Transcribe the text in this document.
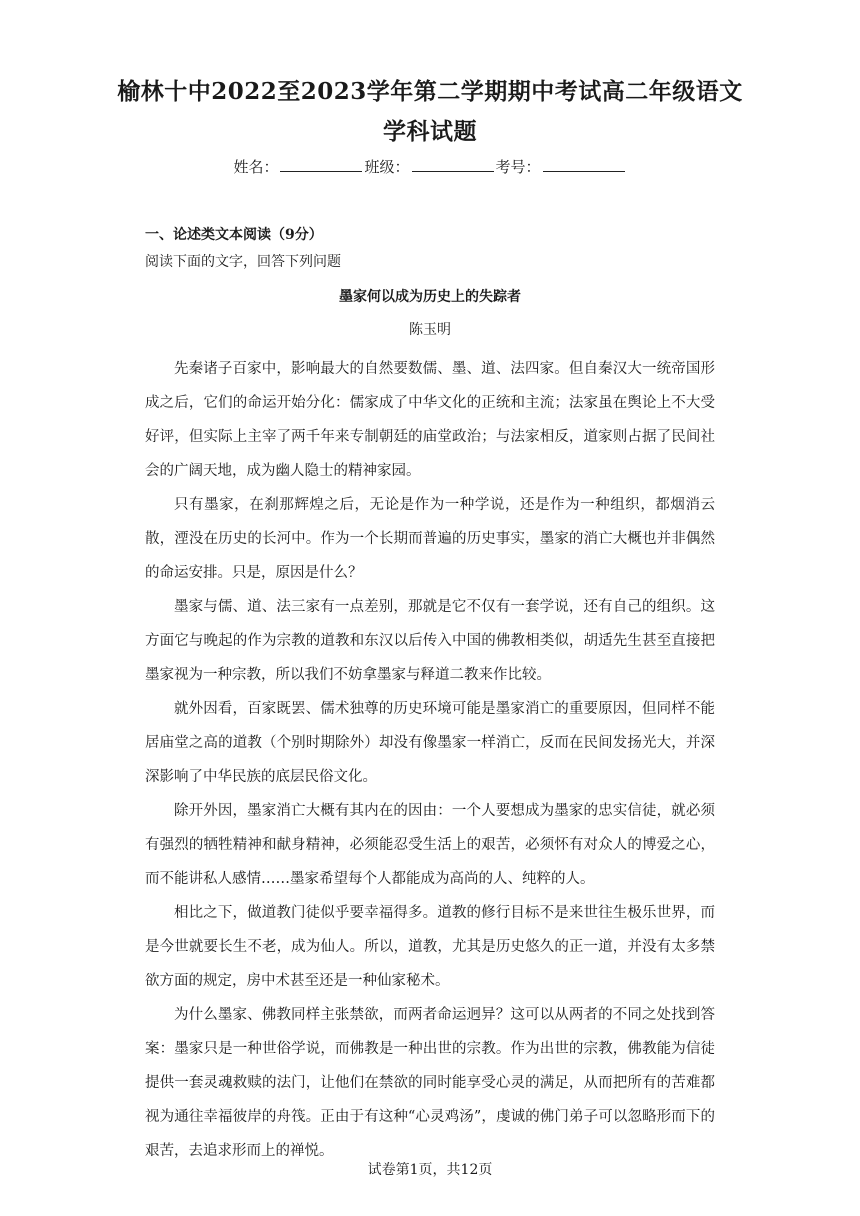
榆林十中2022至2023学年第二学期期中考试高二年级语文
学科试题
姓名：	班级：	考号：
一、论述类文本阅读（9分）
阅读下面的文字，回答下列问题
墨家何以成为历史上的失踪者
陈玉明

先秦诸子百家中，影响最大的自然要数儒、墨、道、法四家。但自秦汉大一统帝国形成之后，它们的命运开始分化：儒家成了中华文化的正统和主流；法家虽在舆论上不大受好评，但实际上主宰了两千年来专制朝廷的庙堂政治；与法家相反，道家则占据了民间社会的广阔天地，成为幽人隐士的精神家园。

只有墨家，在刹那辉煌之后，无论是作为一种学说，还是作为一种组织，都烟消云散，湮没在历史的长河中。作为一个长期而普遍的历史事实，墨家的消亡大概也并非偶然的命运安排。只是，原因是什么？

墨家与儒、道、法三家有一点差别，那就是它不仅有一套学说，还有自己的组织。这方面它与晚起的作为宗教的道教和东汉以后传入中国的佛教相类似，胡适先生甚至直接把墨家视为一种宗教，所以我们不妨拿墨家与释道二教来作比较。

就外因看，百家既罢、儒术独尊的历史环境可能是墨家消亡的重要原因，但同样不能居庙堂之高的道教（个别时期除外）却没有像墨家一样消亡，反而在民间发扬光大，并深深影响了中华民族的底层民俗文化。

除开外因，墨家消亡大概有其内在的因由：一个人要想成为墨家的忠实信徒，就必须有强烈的牺牲精神和献身精神，必须能忍受生活上的艰苦，必须怀有对众人的博爱之心，而不能讲私人感情……墨家希望每个人都能成为高尚的人、纯粹的人。

相比之下，做道教门徒似乎要幸福得多。道教的修行目标不是来世往生极乐世界，而是今世就要长生不老，成为仙人。所以，道教，尤其是历史悠久的正一道，并没有太多禁欲方面的规定，房中术甚至还是一种仙家秘术。

为什么墨家、佛教同样主张禁欲，而两者命运迥异？这可以从两者的不同之处找到答案：墨家只是一种世俗学说，而佛教是一种出世的宗教。作为出世的宗教，佛教能为信徒提供一套灵魂救赎的法门，让他们在禁欲的同时能享受心灵的满足，从而把所有的苦难都视为通往幸福彼岸的舟筏。正由于有这种“心灵鸡汤”，虔诚的佛门弟子可以忽略形而下的艰苦，去追求形而上的禅悦。

试卷第1页，共12页
